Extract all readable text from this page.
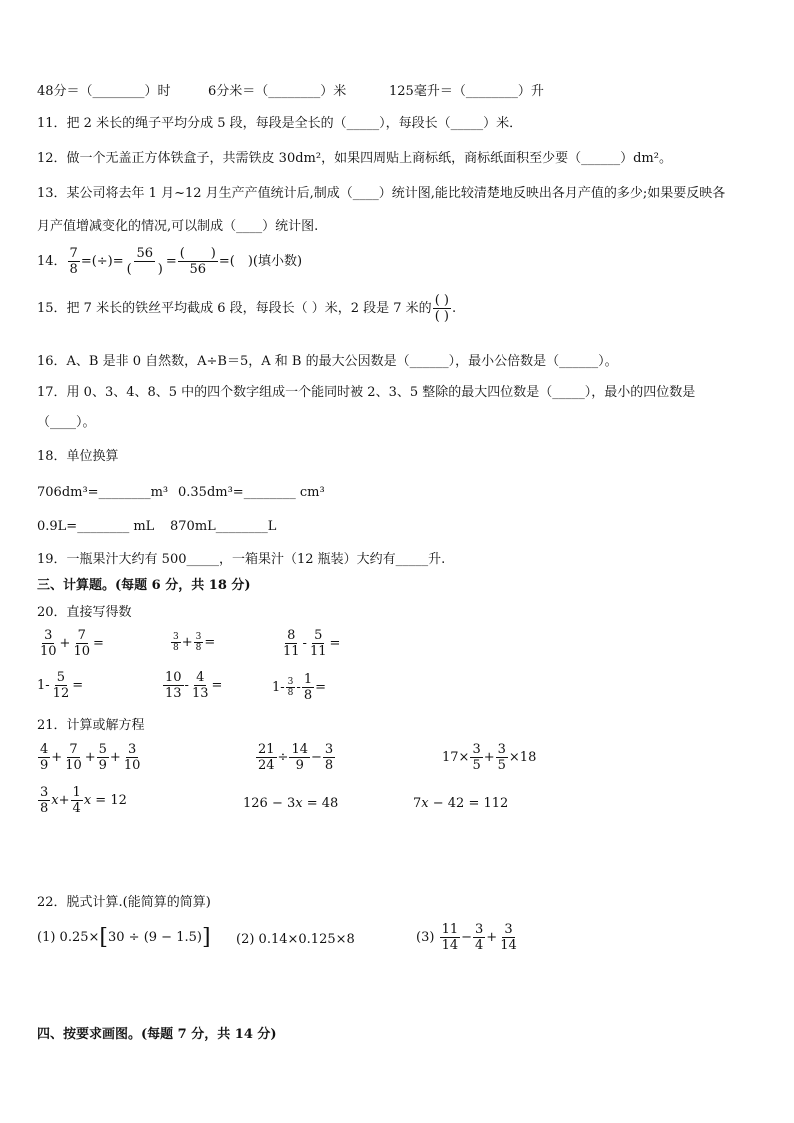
48分＝（________）时	6分米＝（________）米	125毫升＝（________）升
11．把 2 米长的绳子平均分成 5 段，每段是全长的（_____），每段长（_____）米．
12．做一个无盖正方体铁盒子，共需铁皮 30dm²，如果四周贴上商标纸，商标纸面积至少要（______）dm²。
13．某公司将去年 1 月~12 月生产产值统计后,制成（____）统计图,能比较清楚地反映出各月产值的多少;如果要反映各
月产值增减变化的情况,可以制成（____）统计图.
14． $\frac{7}{8}$ =(÷)= $\frac{56}{( )} = \frac{( )}{56}$ =(　)(填小数)
15．把 7 米长的铁丝平均截成 6 段，每段长（ ）米，2 段是 7 米的 $\frac{( )}{( )}$ .
16．A、B 是非 0 自然数，A÷B＝5，A 和 B 的最大公因数是（______），最小公倍数是（______）。
17．用 0、3、4、8、5 中的四个数字组成一个能同时被 2、3、5 整除的最大四位数是（_____），最小的四位数是
（____）。
18．单位换算
706dm³=________m³ 0.35dm³=________ cm³
0.9L=________ mL 870mL________L
19．一瓶果汁大约有 500_____，一箱果汁（12 瓶装）大约有_____升.
三、计算题。(每题 6 分，共 18 分)
20．直接写得数
$\frac{3}{10} + \frac{7}{10}$ =	$\frac{3}{8} + \frac{3}{8}$ =	$\frac{8}{11} - \frac{5}{11}$ =
$1- \frac{5}{12}$ =	$\frac{10}{13} - \frac{4}{13}$ =	$1- \frac{3}{8} - \frac{1}{8}$ =
21．计算或解方程
$\frac{4}{9} + \frac{7}{10} + \frac{5}{9} + \frac{3}{10}$	$\frac{21}{24} \div \frac{14}{9} - \frac{3}{8}$	$17\times \frac{3}{5} + \frac{3}{5} \times 18$
$\frac{3}{8} x+ \frac{1}{4}$ x = 12	126 − 3x = 48	7x − 42 = 112
22．脱式计算.(能简算的简算)
(1) 0.25×[30 ÷ (9 − 1.5)] (2) 0.14×0.125×8	$(3) \frac{11}{14} - \frac{3}{4} + \frac{3}{14}$
四、按要求画图。(每题 7 分，共 14 分)
